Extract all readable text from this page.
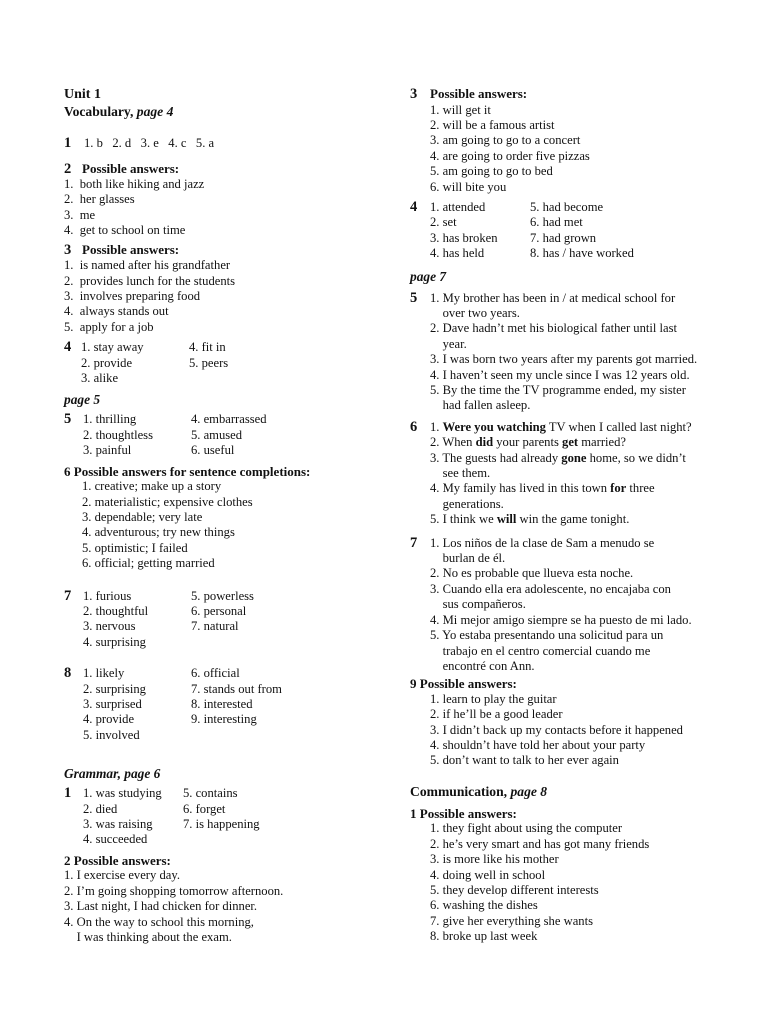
Unit 1
Vocabulary, page 4
1	1. b   2. d   3. e   4. c   5. a
2 Possible answers:
1.  both like hiking and jazz
2.  her glasses
3.  me
4.  get to school on time
3 Possible answers:
1.  is named after his grandfather
2.  provides lunch for the students
3.  involves preparing food
4.  always stands out
5.  apply for a job
4 1. stay away	4. fit in
2. provide	5. peers
3. alike
page 5
5 1. thrilling	4. embarrassed
2. thoughtless	5. amused
3. painful	6. useful
6 Possible answers for sentence completions:
1. creative; make up a story
2. materialistic; expensive clothes
3. dependable; very late
4. adventurous; try new things
5. optimistic; I failed
6. official; getting married
7 1. furious	5. powerless
2. thoughtful	6. personal
3. nervous	7. natural
4. surprising
8 1. likely	6. official
2. surprising	7. stands out from
3. surprised	8. interested
4. provide	9. interesting
5. involved
Grammar, page 6
1 1. was studying	5. contains
2. died	6. forget
3. was raising	7. is happening
4. succeeded
2 Possible answers:
1. I exercise every day.
2. I’m going shopping tomorrow afternoon.
3. Last night, I had chicken for dinner.
4. On the way to school this morning,
I was thinking about the exam.
3 Possible answers:
1. will get it
2. will be a famous artist
3. am going to go to a concert
4. are going to order five pizzas
5. am going to go to bed
6. will bite you
4	1. attended	5. had become
2. set	6. had met
3. has broken	7. had grown
4. has held	8. has / have worked
page 7
5	1. My brother has been in / at medical school for
over two years.
2. Dave hadn’t met his biological father until last
year.
3. I was born two years after my parents got married.
4. I haven’t seen my uncle since I was 12 years old.
5. By the time the TV programme ended, my sister
had fallen asleep.
6	1. Were you watching TV when I called last night?
2. When did your parents get married?
3. The guests had already gone home, so we didn’t
see them.
4. My family has lived in this town for three
generations.
5. I think we will win the game tonight.
7	1. Los niños de la clase de Sam a menudo se
burlan de él.
2. No es probable que llueva esta noche.
3. Cuando ella era adolescente, no encajaba con
sus compañeros.
4. Mi mejor amigo siempre se ha puesto de mi lado.
5. Yo estaba presentando una solicitud para un
trabajo en el centro comercial cuando me
encontré con Ann.
9 Possible answers:
1. learn to play the guitar
2. if he’ll be a good leader
3. I didn’t back up my contacts before it happened
4. shouldn’t have told her about your party
5. don’t want to talk to her ever again
Communication, page 8
1 Possible answers:
1. they fight about using the computer
2. he’s very smart and has got many friends
3. is more like his mother
4. doing well in school
5. they develop different interests
6. washing the dishes
7. give her everything she wants
8. broke up last week
